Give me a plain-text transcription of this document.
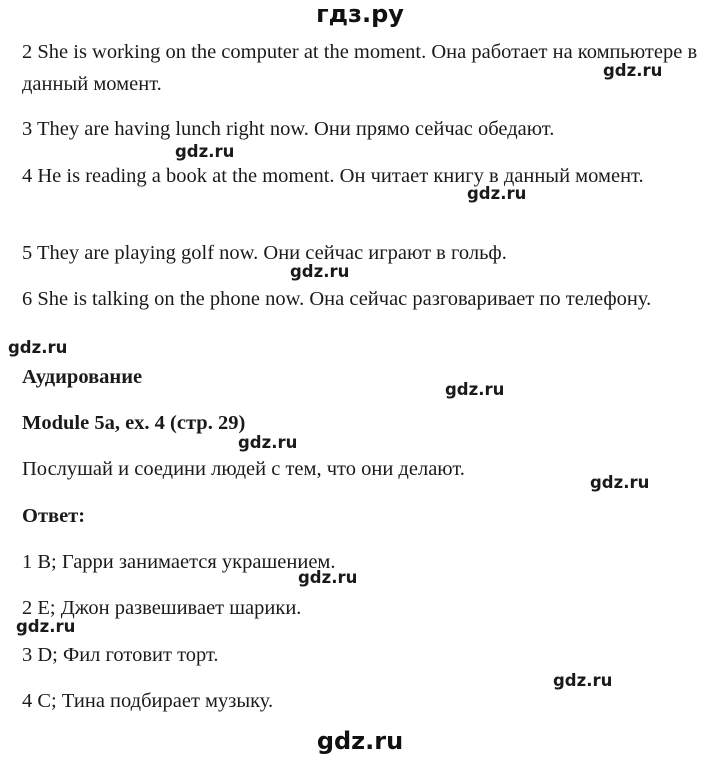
гдз.ру

2 She is working on the computer at the moment. Она работает на компьютере в данный момент.

3 They are having lunch right now. Они прямо сейчас обедают.

4 He is reading a book at the moment. Он читает книгу в данный момент.

5 They are playing golf now. Они сейчас играют в гольф.

6 She is talking on the phone now. Она сейчас разговаривает по телефону.

Аудирование

Module 5a, ex. 4 (стр. 29)

Послушай и соедини людей с тем, что они делают.

Ответ:

1 B; Гарри занимается украшением.

2 E; Джон развешивает шарики.

3 D; Фил готовит торт.

4 C; Тина подбирает музыку.

gdz.ru
gdz.ru
gdz.ru
gdz.ru
gdz.ru
gdz.ru
gdz.ru
gdz.ru
gdz.ru
gdz.ru
gdz.ru
gdz.ru
